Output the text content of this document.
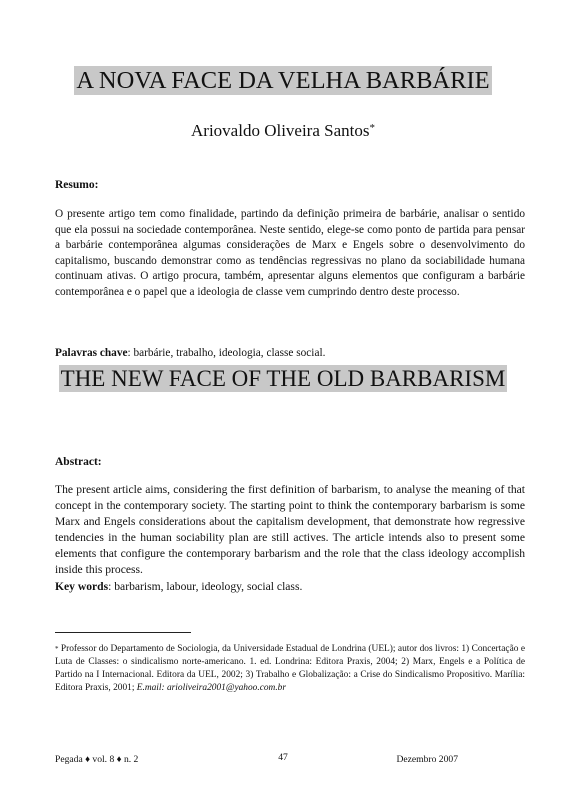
A NOVA FACE DA VELHA BARBÁRIE
Ariovaldo Oliveira Santos*
Resumo:
O presente artigo tem como finalidade, partindo da definição primeira de barbárie, analisar o sentido que ela possui na sociedade contemporânea. Neste sentido, elege-se como ponto de partida para pensar a barbárie contemporânea algumas considerações de Marx e Engels sobre o desenvolvimento do capitalismo, buscando demonstrar como as tendências regressivas no plano da sociabilidade humana continuam ativas. O artigo procura, também, apresentar alguns elementos que configuram a barbárie contemporânea e o papel que a ideologia de classe vem cumprindo dentro deste processo.
Palavras chave: barbárie, trabalho, ideologia, classe social.
THE NEW FACE OF THE OLD BARBARISM
Abstract:
The present article aims, considering the first definition of barbarism, to analyse the meaning of that concept in the contemporary society. The starting point to think the contemporary barbarism is some Marx and Engels considerations about the capitalism development, that demonstrate how regressive tendencies in the human sociability plan are still actives. The article intends also to present some elements that configure the contemporary barbarism and the role that the class ideology accomplish inside this process.
Key words: barbarism, labour, ideology, social class.
* Professor do Departamento de Sociologia, da Universidade Estadual de Londrina (UEL); autor dos livros: 1) Concertação e Luta de Classes: o sindicalismo norte-americano. 1. ed. Londrina: Editora Praxis, 2004; 2) Marx, Engels e a Política de Partido na I Internacional. Editora da UEL, 2002; 3) Trabalho e Globalização: a Crise do Sindicalismo Propositivo. Marília: Editora Praxis, 2001; E.mail: arioliveira2001@yahoo.com.br
Pegada ♦ vol. 8 ♦ n. 2	47	Dezembro 2007
